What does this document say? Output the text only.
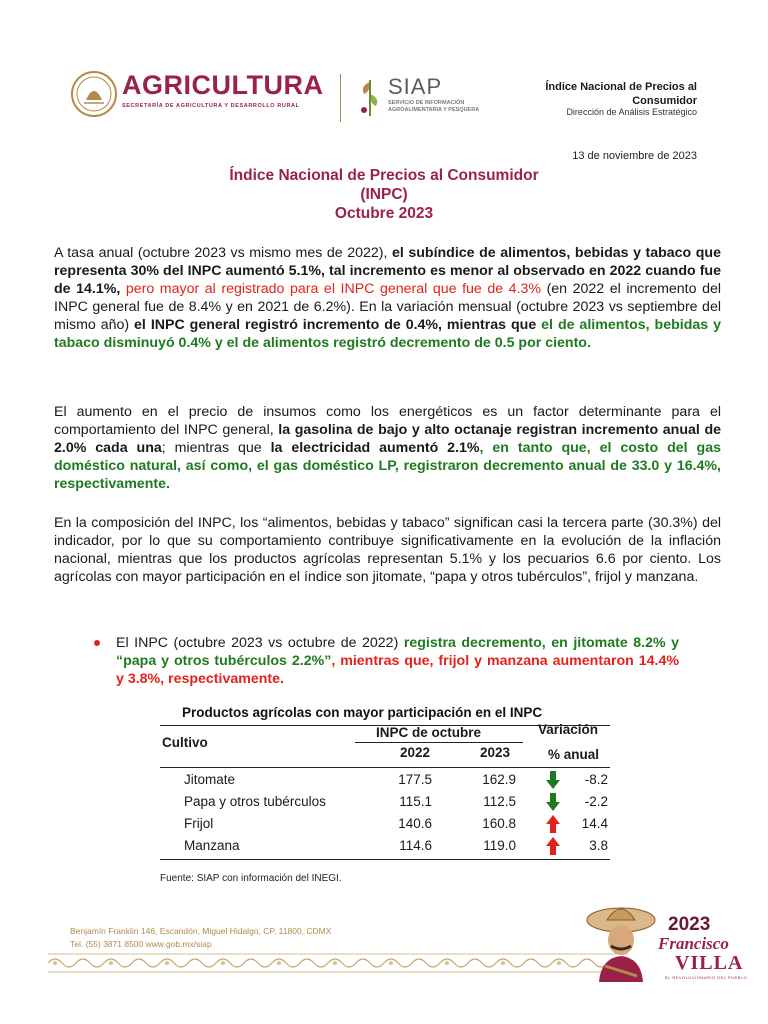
AGRICULTURA
SECRETARÍA DE AGRICULTURA Y DESARROLLO RURAL
SIAP
SERVICIO DE INFORMACIÓN AGROALIMENTARIA Y PESQUERA
Índice Nacional de Precios al Consumidor
Dirección de Análisis Estratégico
13 de noviembre de 2023
Índice Nacional de Precios al Consumidor
(INPC)
Octubre 2023
A tasa anual (octubre 2023 vs mismo mes de 2022), el subíndice de alimentos, bebidas y tabaco que representa 30% del INPC aumentó 5.1%, tal incremento es menor al observado en 2022 cuando fue de 14.1%, pero mayor al registrado para el INPC general que fue de 4.3% (en 2022 el incremento del INPC general fue de 8.4% y en 2021 de 6.2%). En la variación mensual (octubre 2023 vs septiembre del mismo año) el INPC general registró incremento de 0.4%, mientras que el de alimentos, bebidas y tabaco disminuyó 0.4% y el de alimentos registró decremento de 0.5 por ciento.
El aumento en el precio de insumos como los energéticos es un factor determinante para el comportamiento del INPC general, la gasolina de bajo y alto octanaje registran incremento anual de 2.0% cada una; mientras que la electricidad aumentó 2.1%, en tanto que, el costo del gas doméstico natural, así como, el gas doméstico LP, registraron decremento anual de 33.0 y 16.4%, respectivamente.
En la composición del INPC, los “alimentos, bebidas y tabaco” significan casi la tercera parte (30.3%) del indicador, por lo que su comportamiento contribuye significativamente en la evolución de la inflación nacional, mientras que los productos agrícolas representan 5.1% y los pecuarios 6.6 por ciento. Los agrícolas con mayor participación en el índice son jitomate, “papa y otros tubérculos”, frijol y manzana.
El INPC (octubre 2023 vs octubre de 2022) registra decremento, en jitomate 8.2% y “papa y otros tubérculos 2.2%”, mientras que, frijol y manzana aumentaron 14.4% y 3.8%, respectivamente.
Productos agrícolas con mayor participación en el INPC
Cultivo
INPC de octubre	Variación
2022	2023	% anual
Jitomate	177.5	162.9	-8.2
Papa y otros tubérculos	115.1	112.5	-2.2
Frijol	140.6	160.8	14.4
Manzana	114.6	119.0	3.8
Fuente: SIAP con información del INEGI.
Benjamín Franklin 146, Escandón, Miguel Hidalgo, CP. 11800, CDMX
Tel. (55) 3871 8500 www.gob.mx/siap
2023
Francisco
VILLA
EL REVOLUCIONARIO DEL PUEBLO
